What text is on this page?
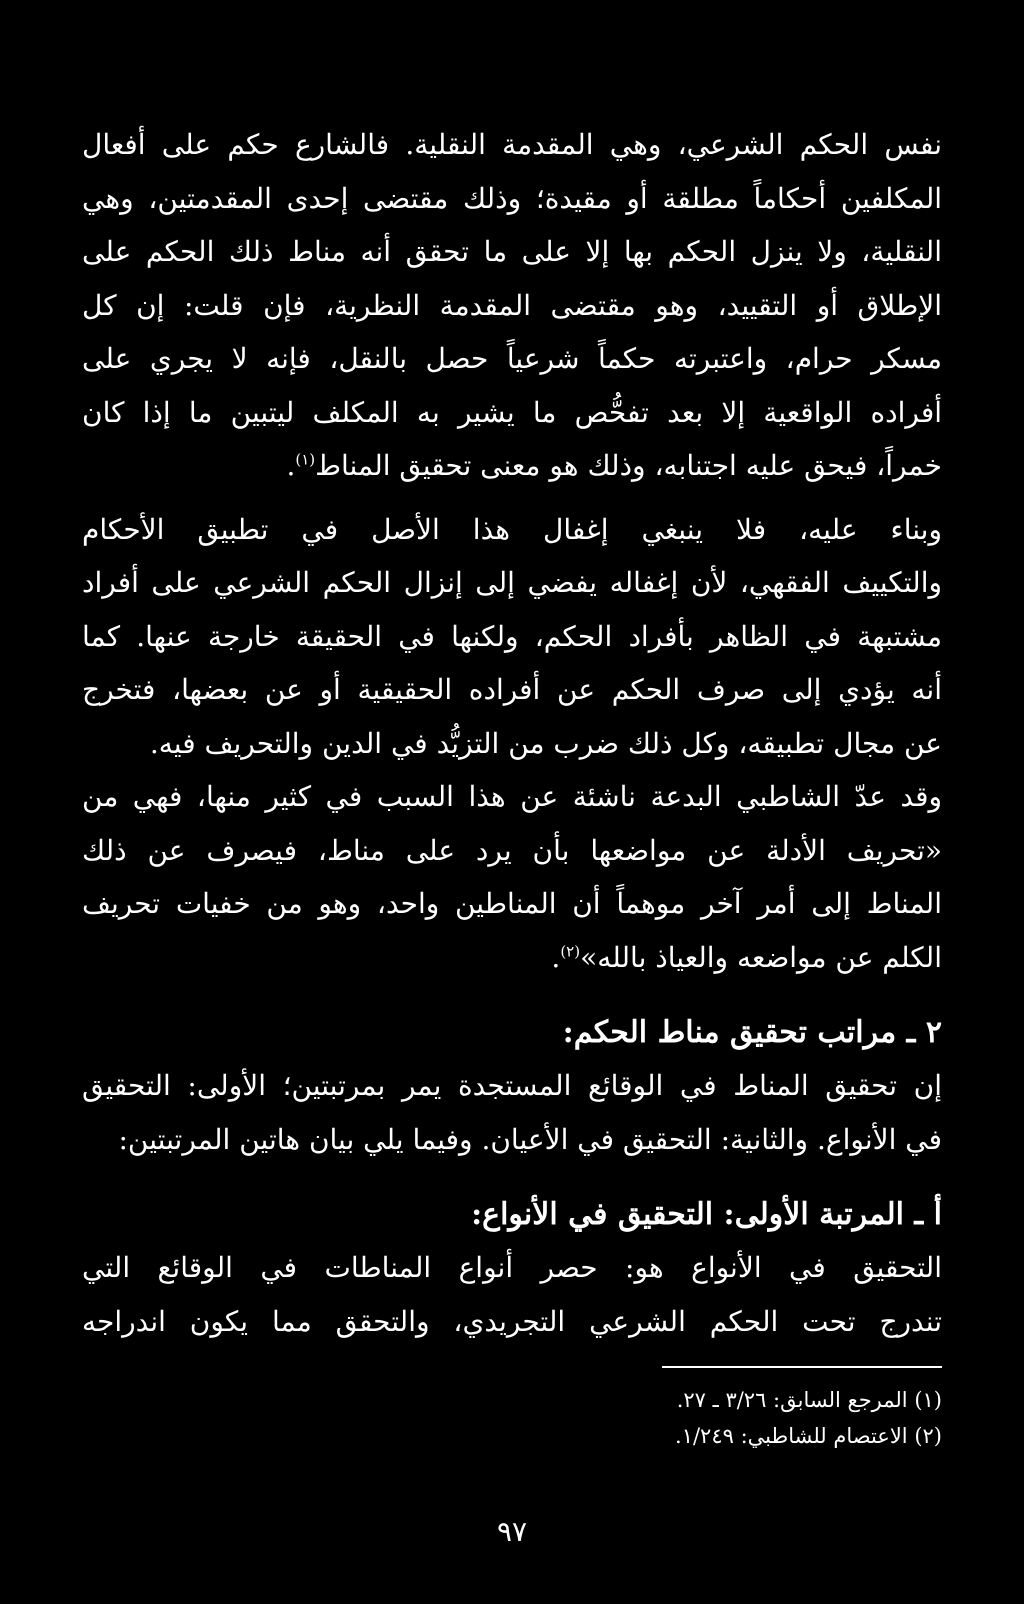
نفس الحكم الشرعي، وهي المقدمة النقلية. فالشارع حكم على أفعال
المكلفين أحكاماً مطلقة أو مقيدة؛ وذلك مقتضى إحدى المقدمتين، وهي
النقلية، ولا ينزل الحكم بها إلا على ما تحقق أنه مناط ذلك الحكم على
الإطلاق أو التقييد، وهو مقتضى المقدمة النظرية، فإن قلت: إن كل
مسكر حرام، واعتبرته حكماً شرعياً حصل بالنقل، فإنه لا يجري على
أفراده الواقعية إلا بعد تفحُّص ما يشير به المكلف ليتبين ما إذا كان
خمراً، فيحق عليه اجتنابه، وذلك هو معنى تحقيق المناط$^{(١)}$.
وبناء عليه، فلا ينبغي إغفال هذا الأصل في تطبيق الأحكام
والتكييف الفقهي، لأن إغفاله يفضي إلى إنزال الحكم الشرعي على أفراد
مشتبهة في الظاهر بأفراد الحكم، ولكنها في الحقيقة خارجة عنها. كما
أنه يؤدي إلى صرف الحكم عن أفراده الحقيقية أو عن بعضها، فتخرج
عن مجال تطبيقه، وكل ذلك ضرب من التزيُّد في الدين والتحريف فيه.
وقد عدّ الشاطبي البدعة ناشئة عن هذا السبب في كثير منها، فهي من
«تحريف الأدلة عن مواضعها بأن يرد على مناط، فيصرف عن ذلك
المناط إلى أمر آخر موهماً أن المناطين واحد، وهو من خفيات تحريف
الكلم عن مواضعه والعياذ بالله»$^{(٢)}$.
٢ ـ مراتب تحقيق مناط الحكم:
إن تحقيق المناط في الوقائع المستجدة يمر بمرتبتين؛ الأولى: التحقيق
في الأنواع. والثانية: التحقيق في الأعيان. وفيما يلي بيان هاتين المرتبتين:
أ ـ المرتبة الأولى: التحقيق في الأنواع:
التحقيق في الأنواع هو: حصر أنواع المناطات في الوقائع التي
تندرج تحت الحكم الشرعي التجريدي، والتحقق مما يكون اندراجه
(١) المرجع السابق: ٣/٢٦ ـ ٢٧.
(٢) الاعتصام للشاطبي: ١/٢٤٩.
٩٧
